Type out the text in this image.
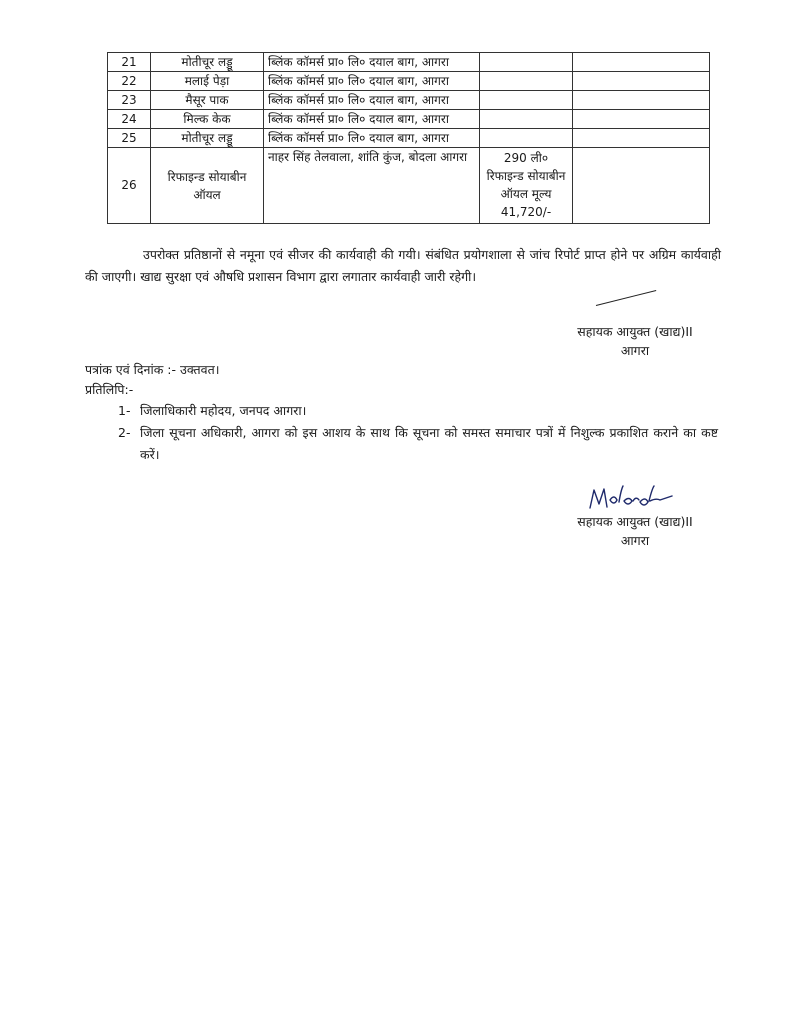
21	मोतीचूर लड्डू	ब्लिंक कॉमर्स प्रा० लि० दयाल बाग, आगरा		
22	मलाई पेड़ा	ब्लिंक कॉमर्स प्रा० लि० दयाल बाग, आगरा		
23	मैसूर पाक	ब्लिंक कॉमर्स प्रा० लि० दयाल बाग, आगरा		
24	मिल्क केक	ब्लिंक कॉमर्स प्रा० लि० दयाल बाग, आगरा		
25	मोतीचूर लड्डू	ब्लिंक कॉमर्स प्रा० लि० दयाल बाग, आगरा		
26	रिफाइन्ड सोयाबीन ऑयल	नाहर सिंह तेलवाला, शांति कुंज, बोदला आगरा	290 ली० रिफाइन्ड सोयाबीन ऑयल मूल्य 41,720/-	
उपरोक्त प्रतिष्ठानों से नमूना एवं सीजर की कार्यवाही की गयी। संबंधित प्रयोगशाला से जांच रिपोर्ट प्राप्त होने पर अग्रिम कार्यवाही की जाएगी। खाद्य सुरक्षा एवं औषधि प्रशासन विभाग द्वारा लगातार कार्यवाही जारी रहेगी।
सहायक आयुक्त (खाद्य)II
आगरा
पत्रांक एवं दिनांक :- उक्तवत।
प्रतिलिपि:-
1- जिलाधिकारी महोदय, जनपद आगरा।
2- जिला सूचना अधिकारी, आगरा को इस आशय के साथ कि सूचना को समस्त समाचार पत्रों में निशुल्क प्रकाशित कराने का कष्ट करें।
सहायक आयुक्त (खाद्य)II
आगरा
